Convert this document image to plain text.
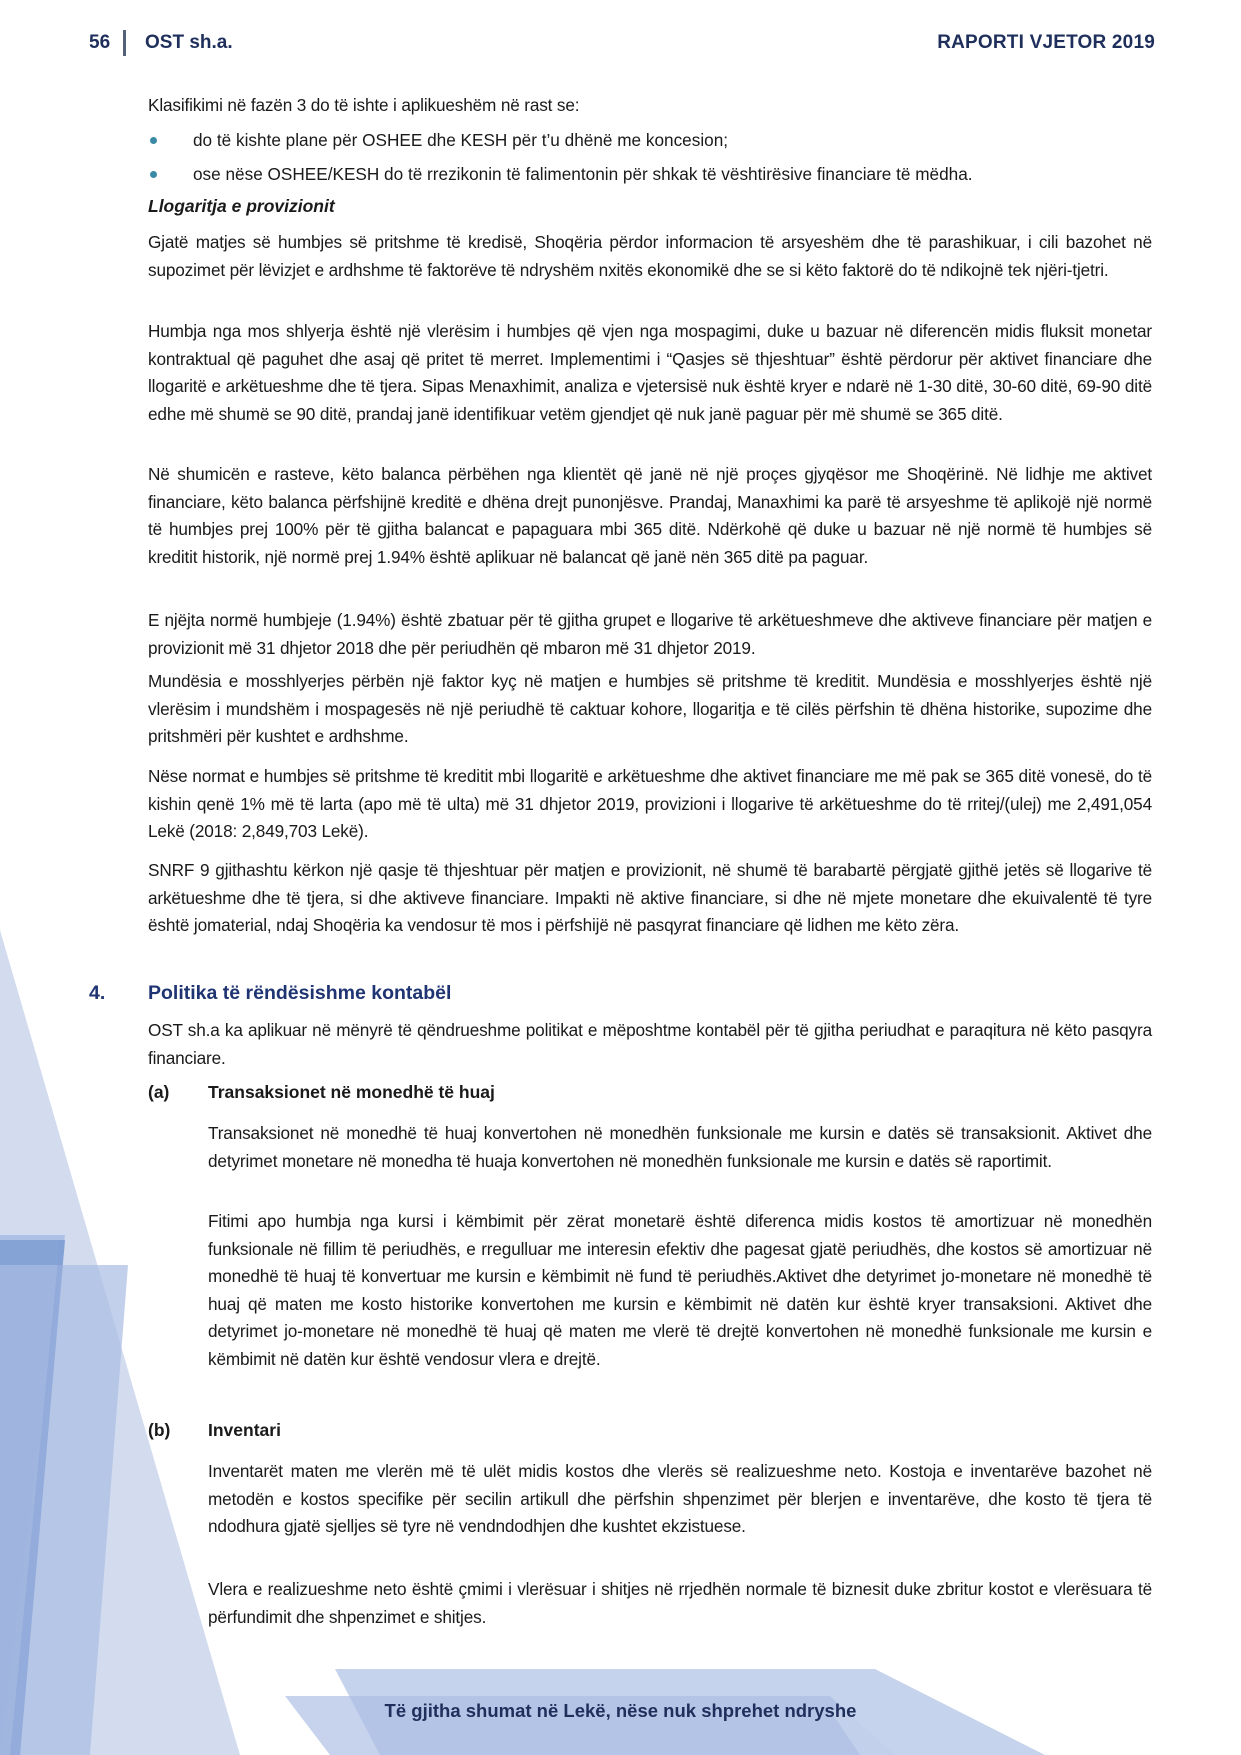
56 OST sh.a.	RAPORTI VJETOR 2019
Klasifikimi në fazën 3 do të ishte i aplikueshëm në rast se:
do të kishte plane për OSHEE dhe KESH për t’u dhënë me koncesion;
ose nëse OSHEE/KESH do të rrezikonin të falimentonin për shkak të vështirësive financiare të mëdha.
Llogaritja e provizionit
Gjatë matjes së humbjes së pritshme të kredisë, Shoqëria përdor informacion të arsyeshëm dhe të parashikuar, i cili bazohet në supozimet për lëvizjet e ardhshme të faktorëve të ndryshëm nxitës ekonomikë dhe se si këto faktorë do të ndikojnë tek njëri-tjetri.
Humbja nga mos shlyerja është një vlerësim i humbjes që vjen nga mospagimi, duke u bazuar në diferencën midis fluksit monetar kontraktual që paguhet dhe asaj që pritet të merret. Implementimi i “Qasjes së thjeshtuar” është përdorur për aktivet financiare dhe llogaritë e arkëtueshme dhe të tjera. Sipas Menaxhimit, analiza e vjetersisë nuk është kryer e ndarë në 1-30 ditë, 30-60 ditë, 69-90 ditë edhe më shumë se 90 ditë, prandaj janë identifikuar vetëm gjendjet që nuk janë paguar për më shumë se 365 ditë.
Në shumicën e rasteve, këto balanca përbëhen nga klientët që janë në një proçes gjyqësor me Shoqërinë. Në lidhje me aktivet financiare, këto balanca përfshijnë kreditë e dhëna drejt punonjësve. Prandaj, Manaxhimi ka parë të arsyeshme të aplikojë një normë të humbjes prej 100% për të gjitha balancat e papaguara mbi 365 ditë. Ndërkohë që duke u bazuar në një normë të humbjes së kreditit historik, një normë prej 1.94% është aplikuar në balancat që janë nën 365 ditë pa paguar.
E njëjta normë humbjeje (1.94%) është zbatuar për të gjitha grupet e llogarive të arkëtueshmeve dhe aktiveve financiare për matjen e provizionit më 31 dhjetor 2018 dhe për periudhën që mbaron më 31 dhjetor 2019.
Mundësia e mosshlyerjes përbën një faktor kyç në matjen e humbjes së pritshme të kreditit. Mundësia e mosshlyerjes është një vlerësim i mundshëm i mospagesës në një periudhë të caktuar kohore, llogaritja e të cilës përfshin të dhëna historike, supozime dhe pritshmëri për kushtet e ardhshme.
Nëse normat e humbjes së pritshme të kreditit mbi llogaritë e arkëtueshme dhe aktivet financiare me më pak se 365 ditë vonesë, do të kishin qenë 1% më të larta (apo më të ulta) më 31 dhjetor 2019, provizioni i llogarive të arkëtueshme do të rritej/(ulej) me 2,491,054 Lekë (2018: 2,849,703 Lekë).
SNRF 9 gjithashtu kërkon një qasje të thjeshtuar për matjen e provizionit, në shumë të barabartë përgjatë gjithë jetës së llogarive të arkëtueshme dhe të tjera, si dhe aktiveve financiare. Impakti në aktive financiare, si dhe në mjete monetare dhe ekuivalentë të tyre është jomaterial, ndaj Shoqëria ka vendosur të mos i përfshijë në pasqyrat financiare që lidhen me këto zëra.
4. Politika të rëndësishme kontabël
OST sh.a ka aplikuar në mënyrë të qëndrueshme politikat e mëposhtme kontabël për të gjitha periudhat e paraqitura në këto pasqyra financiare.
(a) Transaksionet në monedhë të huaj
Transaksionet në monedhë të huaj konvertohen në monedhën funksionale me kursin e datës së transaksionit. Aktivet dhe detyrimet monetare në monedha të huaja konvertohen në monedhën funksionale me kursin e datës së raportimit.
Fitimi apo humbja nga kursi i këmbimit për zërat monetarë është diferenca midis kostos të amortizuar në monedhën funksionale në fillim të periudhës, e rregulluar me interesin efektiv dhe pagesat gjatë periudhës, dhe kostos së amortizuar në monedhë të huaj të konvertuar me kursin e këmbimit në fund të periudhës.Aktivet dhe detyrimet jo-monetare në monedhë të huaj që maten me kosto historike konvertohen me kursin e këmbimit në datën kur është kryer transaksioni. Aktivet dhe detyrimet jo-monetare në monedhë të huaj që maten me vlerë të drejtë konvertohen në monedhë funksionale me kursin e këmbimit në datën kur është vendosur vlera e drejtë.
(b) Inventari
Inventarët maten me vlerën më të ulët midis kostos dhe vlerës së realizueshme neto. Kostoja e inventarëve bazohet në metodën e kostos specifike për secilin artikull dhe përfshin shpenzimet për blerjen e inventarëve, dhe kosto të tjera të ndodhura gjatë sjelljes së tyre në vendndodhjen dhe kushtet ekzistuese.
Vlera e realizueshme neto është çmimi i vlerësuar i shitjes në rrjedhën normale të biznesit duke zbritur kostot e vlerësuara të përfundimit dhe shpenzimet e shitjes.
Të gjitha shumat në Lekë, nëse nuk shprehet ndryshe
